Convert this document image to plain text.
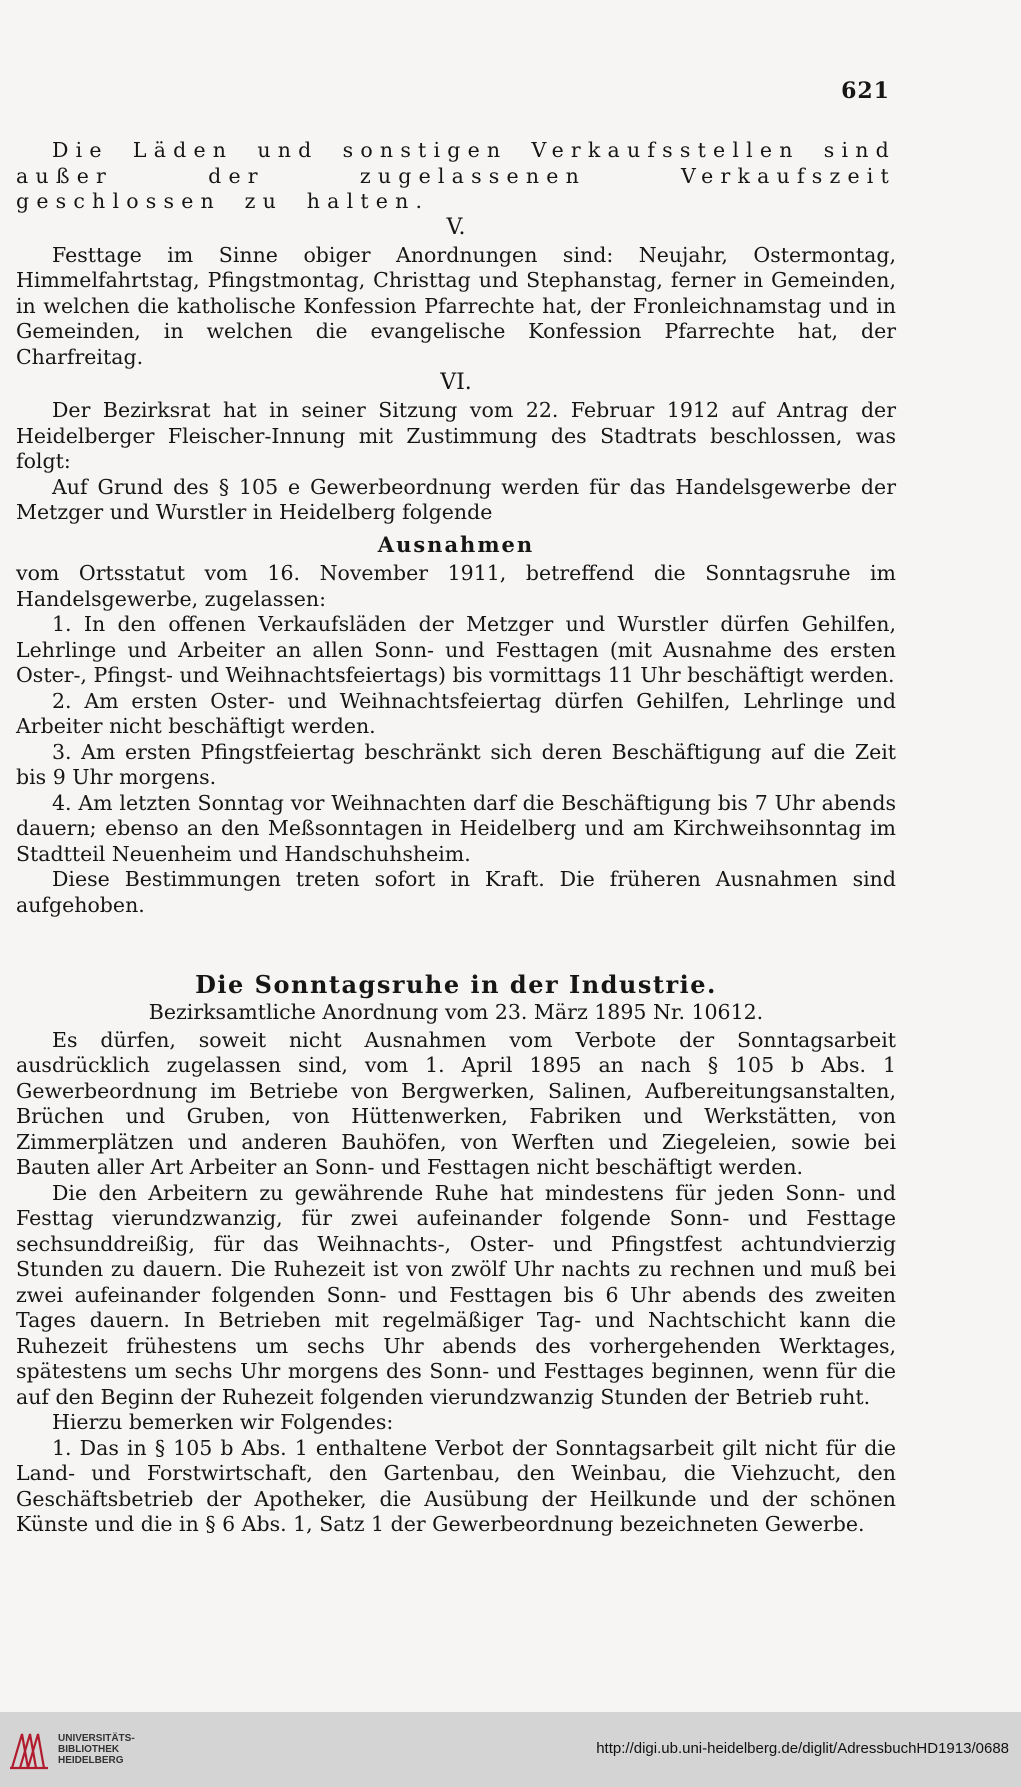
621

Die Läden und sonstigen Verkaufsstellen sind außer der zugelassenen Verkaufszeit geschlossen zu halten.

V.

Festtage im Sinne obiger Anordnungen sind: Neujahr, Ostermontag, Himmelfahrtstag, Pfingstmontag, Christtag und Stephanstag, ferner in Gemeinden, in welchen die katholische Konfession Pfarrechte hat, der Fronleichnamstag und in Gemeinden, in welchen die evangelische Konfession Pfarrechte hat, der Charfreitag.

VI.

Der Bezirksrat hat in seiner Sitzung vom 22. Februar 1912 auf Antrag der Heidelberger Fleischer-Innung mit Zustimmung des Stadtrats beschlossen, was folgt:

Auf Grund des § 105 e Gewerbeordnung werden für das Handelsgewerbe der Metzger und Wurstler in Heidelberg folgende

Ausnahmen

vom Ortsstatut vom 16. November 1911, betreffend die Sonntagsruhe im Handelsgewerbe, zugelassen:

1. In den offenen Verkaufsläden der Metzger und Wurstler dürfen Gehilfen, Lehrlinge und Arbeiter an allen Sonn- und Festtagen (mit Ausnahme des ersten Oster-, Pfingst- und Weihnachtsfeiertags) bis vormittags 11 Uhr beschäftigt werden.

2. Am ersten Oster- und Weihnachtsfeiertag dürfen Gehilfen, Lehrlinge und Arbeiter nicht beschäftigt werden.

3. Am ersten Pfingstfeiertag beschränkt sich deren Beschäftigung auf die Zeit bis 9 Uhr morgens.

4. Am letzten Sonntag vor Weihnachten darf die Beschäftigung bis 7 Uhr abends dauern; ebenso an den Meßsonntagen in Heidelberg und am Kirchweihsonntag im Stadtteil Neuenheim und Handschuhsheim.

Diese Bestimmungen treten sofort in Kraft. Die früheren Ausnahmen sind aufgehoben.

Die Sonntagsruhe in der Industrie.

Bezirksamtliche Anordnung vom 23. März 1895 Nr. 10612.

Es dürfen, soweit nicht Ausnahmen vom Verbote der Sonntagsarbeit ausdrücklich zugelassen sind, vom 1. April 1895 an nach § 105 b Abs. 1 Gewerbeordnung im Betriebe von Bergwerken, Salinen, Aufbereitungsanstalten, Brüchen und Gruben, von Hüttenwerken, Fabriken und Werkstätten, von Zimmerplätzen und anderen Bauhöfen, von Werften und Ziegeleien, sowie bei Bauten aller Art Arbeiter an Sonn- und Festtagen nicht beschäftigt werden.

Die den Arbeitern zu gewährende Ruhe hat mindestens für jeden Sonn- und Festtag vierundzwanzig, für zwei aufeinander folgende Sonn- und Festtage sechsunddreißig, für das Weihnachts-, Oster- und Pfingstfest achtundvierzig Stunden zu dauern. Die Ruhezeit ist von zwölf Uhr nachts zu rechnen und muß bei zwei aufeinander folgenden Sonn- und Festtagen bis 6 Uhr abends des zweiten Tages dauern. In Betrieben mit regelmäßiger Tag- und Nachtschicht kann die Ruhezeit frühestens um sechs Uhr abends des vorhergehenden Werktages, spätestens um sechs Uhr morgens des Sonn- und Festtages beginnen, wenn für die auf den Beginn der Ruhezeit folgenden vierundzwanzig Stunden der Betrieb ruht.

Hierzu bemerken wir Folgendes:

1. Das in § 105 b Abs. 1 enthaltene Verbot der Sonntagsarbeit gilt nicht für die Land- und Forstwirtschaft, den Gartenbau, den Weinbau, die Viehzucht, den Geschäftsbetrieb der Apotheker, die Ausübung der Heilkunde und der schönen Künste und die in § 6 Abs. 1, Satz 1 der Gewerbeordnung bezeichneten Gewerbe.

UNIVERSITÄTS-
BIBLIOTHEK
HEIDELBERG
http://digi.ub.uni-heidelberg.de/diglit/AdressbuchHD1913/0688
